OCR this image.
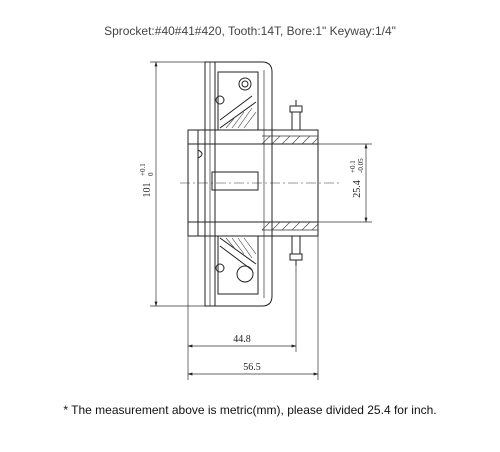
Sprocket:#40#41#420, Tooth:14T, Bore:1" Keyway:1/4"
101
+0.1 0
25.4
+0.1 -0.05
44.8
56.5
* The measurement above is metric(mm), please divided 25.4 for inch.
